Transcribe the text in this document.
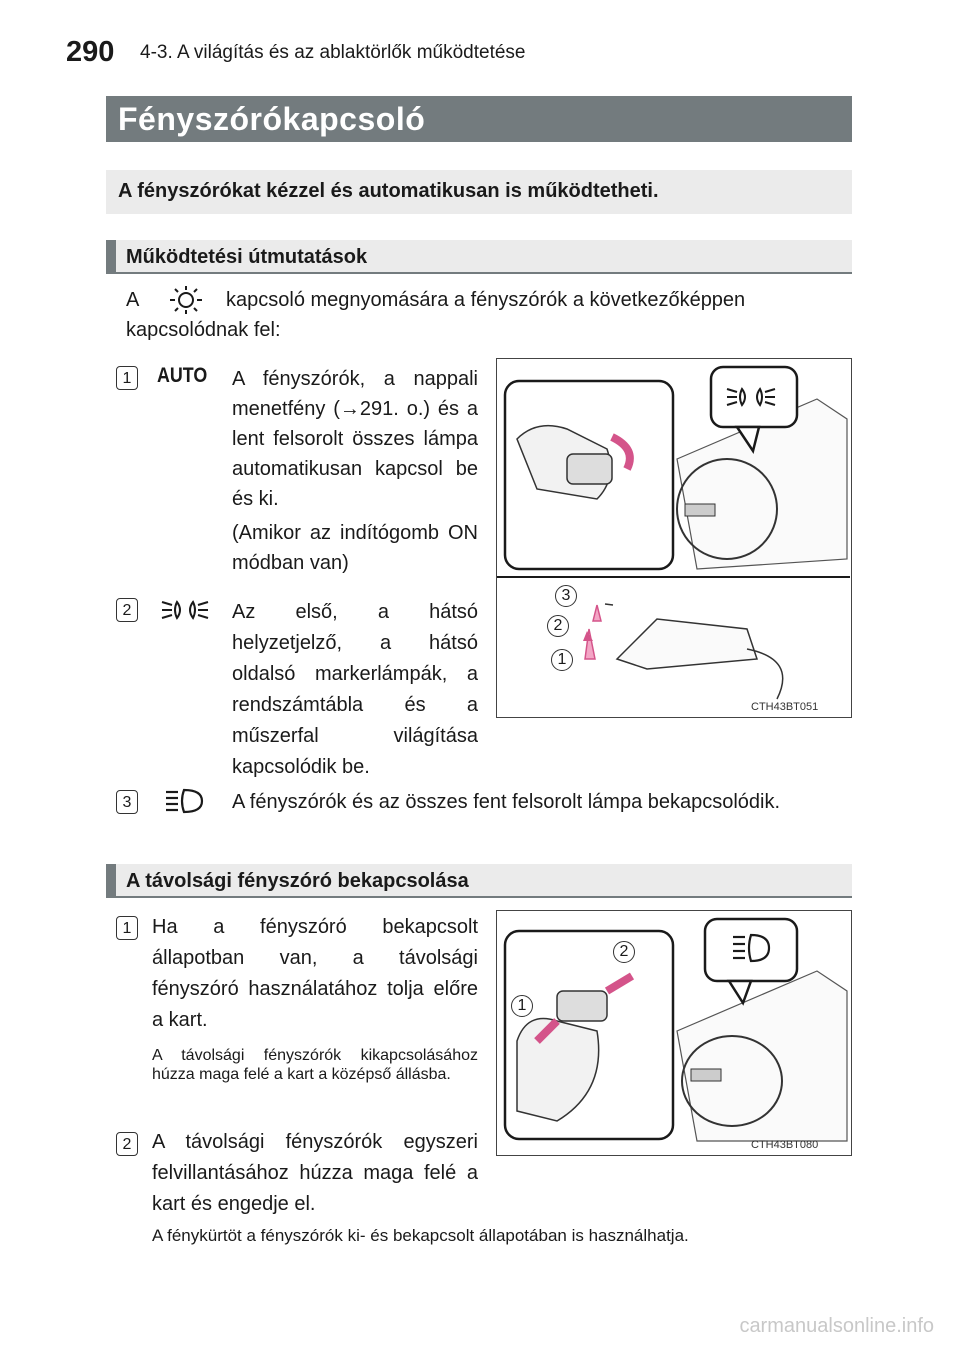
290 4-3. A világítás és az ablaktörlők működtetése
Fényszórókapcsoló
A fényszórókat kézzel és automatikusan is működtetheti.
Működtetési útmutatások
A	kapcsoló megnyomására a fényszórók a következőképpen
kapcsolódnak fel:
1	AUTO A fényszórók, a nappali menetfény (→291. o.) és a lent felsorolt összes lámpa automatikusan kapcsol be és ki.
(Amikor az indítógomb ON módban van)
2	Az első, a hátsó helyzetjelző, a hátsó oldalsó markerlámpák, a rendszámtábla és a műszerfal világítása kapcsolódik be.
1
2
3
CTH43BT051
3	A fényszórók és az összes fent felsorolt lámpa bekapcsolódik.
A távolsági fényszóró bekapcsolása
1	Ha a fényszóró bekapcsolt állapotban van, a távolsági fényszóró használatához tolja előre a kart.
A távolsági fényszórók kikapcsolásához húzza maga felé a kart a középső állásba.
2	A távolsági fényszórók egyszeri felvillantásához húzza maga felé a kart és engedje el.
1
2
CTH43BT080
A fénykürtöt a fényszórók ki- és bekapcsolt állapotában is használhatja.
carmanualsonline.info
